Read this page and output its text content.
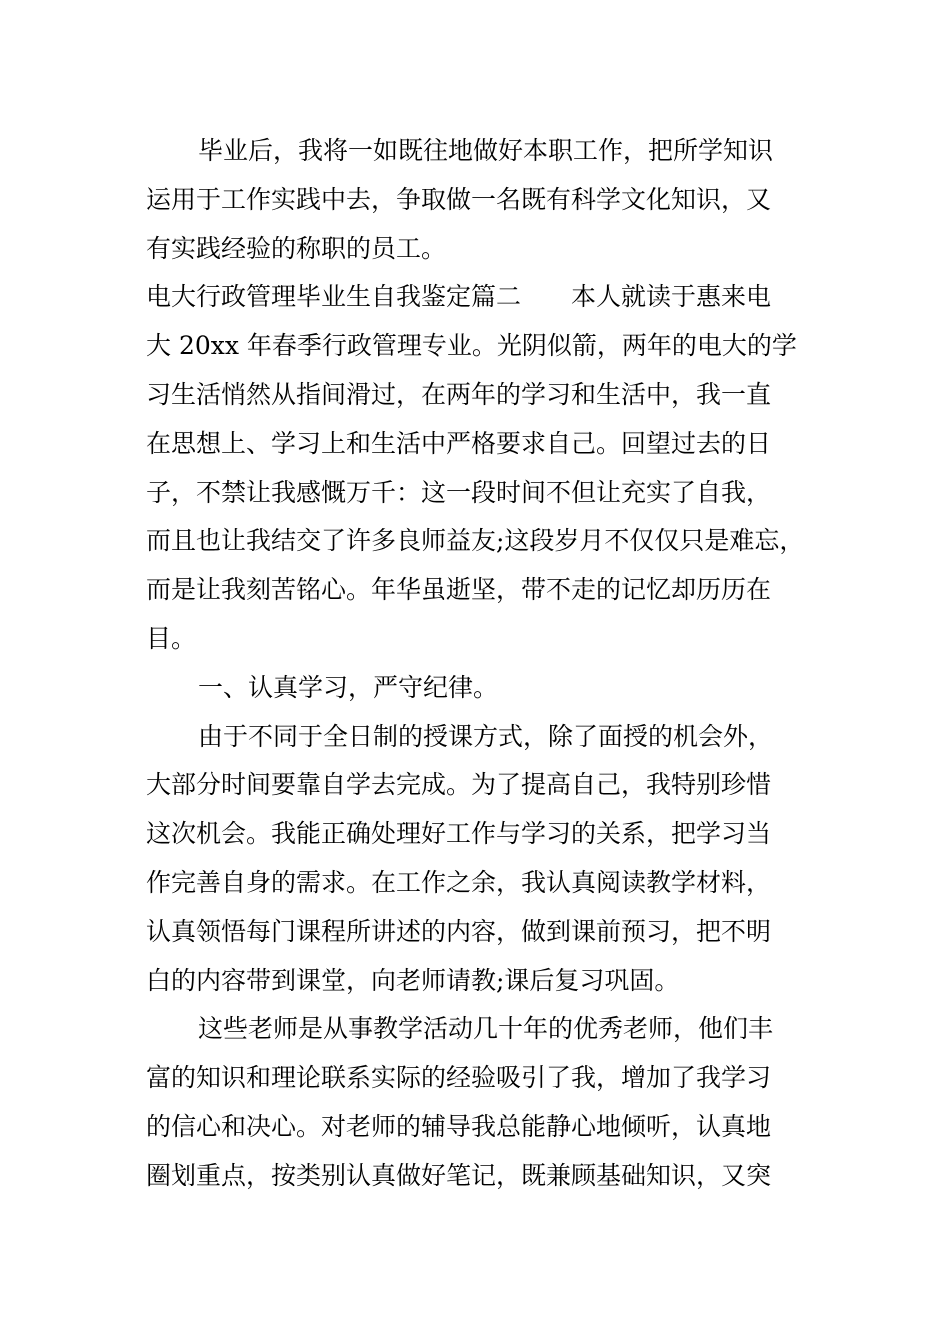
毕业后，我将一如既往地做好本职工作，把所学知识
运用于工作实践中去，争取做一名既有科学文化知识，又
有实践经验的称职的员工。
电大行政管理毕业生自我鉴定篇二　　本人就读于惠来电
大 20xx 年春季行政管理专业。光阴似箭，两年的电大的学
习生活悄然从指间滑过，在两年的学习和生活中，我一直
在思想上、学习上和生活中严格要求自己。回望过去的日
子，不禁让我感慨万千：这一段时间不但让充实了自我，
而且也让我结交了许多良师益友;这段岁月不仅仅只是难忘，
而是让我刻苦铭心。年华虽逝坚，带不走的记忆却历历在
目。
一、认真学习，严守纪律。
由于不同于全日制的授课方式，除了面授的机会外，
大部分时间要靠自学去完成。为了提高自己，我特别珍惜
这次机会。我能正确处理好工作与学习的关系，把学习当
作完善自身的需求。在工作之余，我认真阅读教学材料，
认真领悟每门课程所讲述的内容，做到课前预习，把不明
白的内容带到课堂，向老师请教;课后复习巩固。
这些老师是从事教学活动几十年的优秀老师，他们丰
富的知识和理论联系实际的经验吸引了我，增加了我学习
的信心和决心。对老师的辅导我总能静心地倾听，认真地
圈划重点，按类别认真做好笔记，既兼顾基础知识，又突
